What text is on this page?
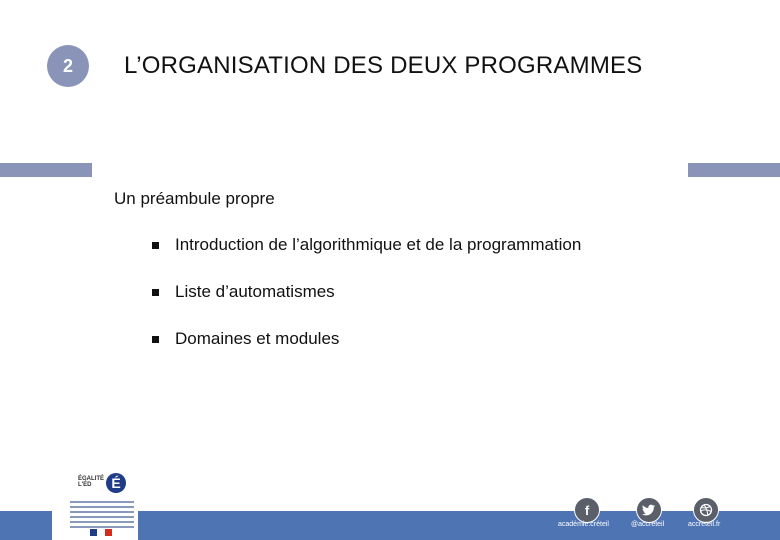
2	L’ORGANISATION DES DEUX PROGRAMMES
Un préambule propre
Introduction de l’algorithmique et de la programmation
Liste d’automatismes
Domaines et modules
ÉGALITÉ
L'ÉD	É
f
académie.créteil	@accreteil	accreteil.fr
